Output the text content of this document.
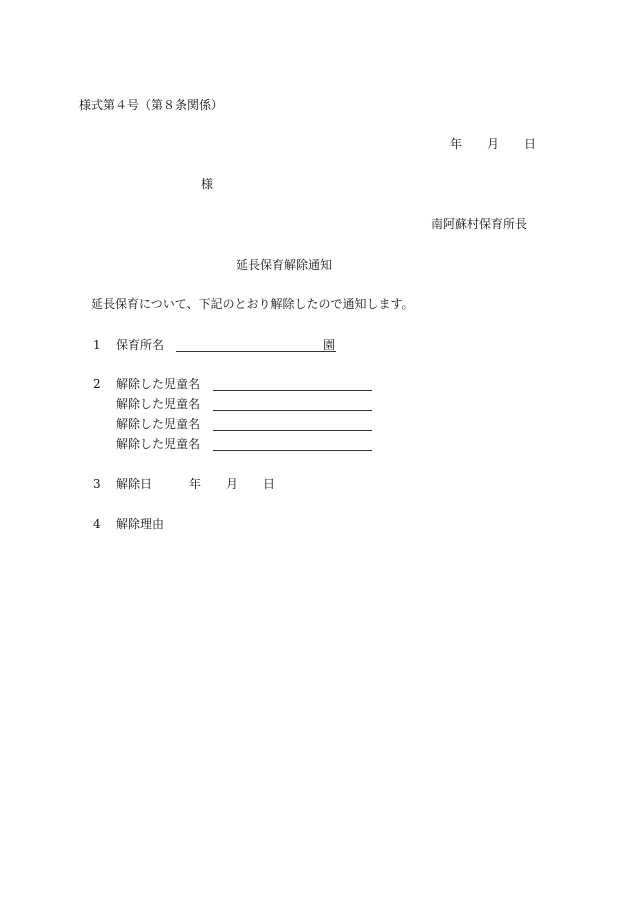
様式第４号（第８条関係）
年 月 日
様
南阿蘇村保育所長
延長保育解除通知
延長保育について、下記のとおり解除したので通知します。
1 保育所名	園
2 解除した児童名
解除した児童名
解除した児童名
解除した児童名
3 解除日	年 月 日
4 解除理由
